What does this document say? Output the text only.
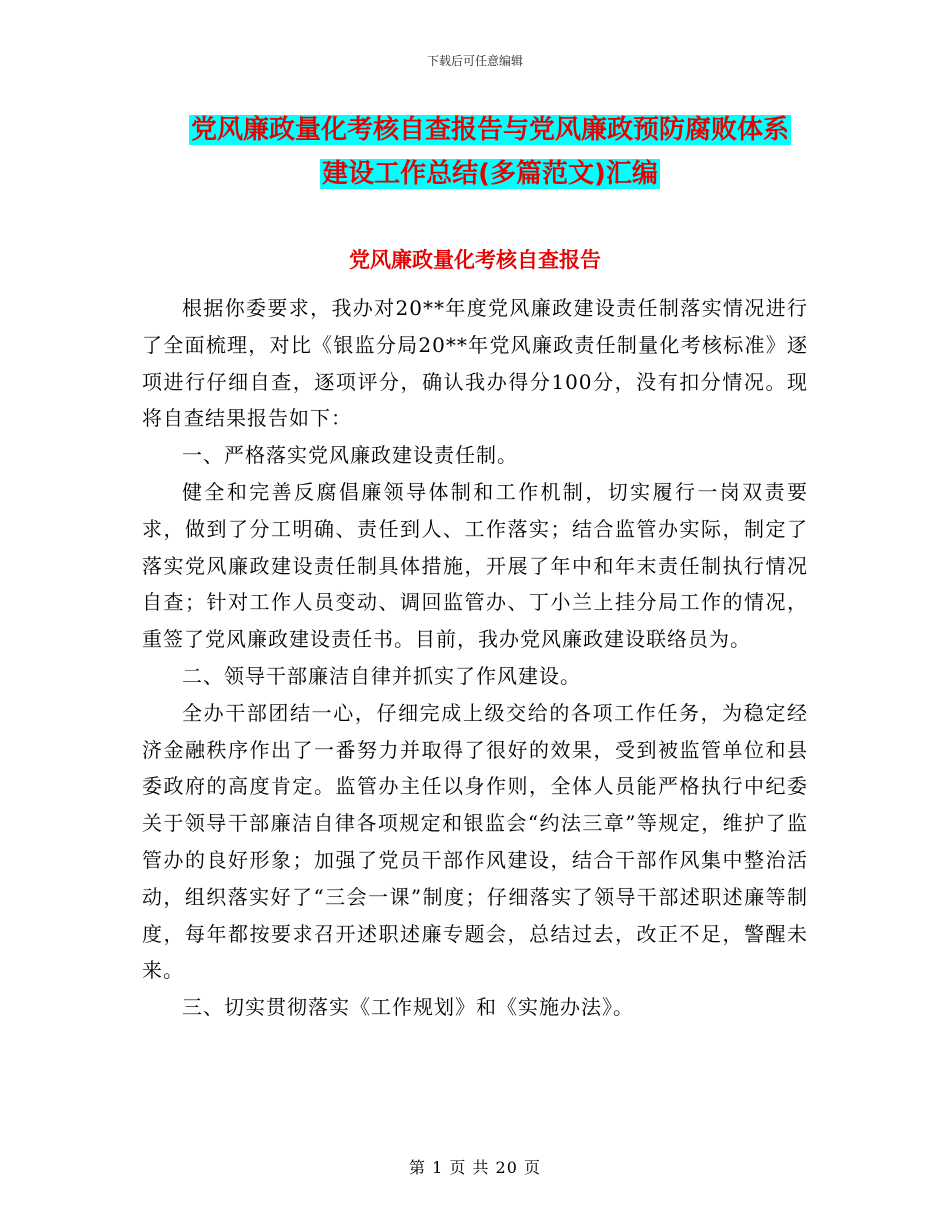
下载后可任意编辑
党风廉政量化考核自查报告与党风廉政预防腐败体系
建设工作总结(多篇范文)汇编
党风廉政量化考核自查报告

根据你委要求，我办对20**年度党风廉政建设责任制落实情况进行了全面梳理，对比《银监分局20**年党风廉政责任制量化考核标准》逐项进行仔细自查，逐项评分，确认我办得分100分，没有扣分情况。现将自查结果报告如下：

一、严格落实党风廉政建设责任制。

健全和完善反腐倡廉领导体制和工作机制，切实履行一岗双责要求，做到了分工明确、责任到人、工作落实；结合监管办实际，制定了落实党风廉政建设责任制具体措施，开展了年中和年末责任制执行情况自查；针对工作人员变动、调回监管办、丁小兰上挂分局工作的情况，重签了党风廉政建设责任书。目前，我办党风廉政建设联络员为。

二、领导干部廉洁自律并抓实了作风建设。

全办干部团结一心，仔细完成上级交给的各项工作任务，为稳定经济金融秩序作出了一番努力并取得了很好的效果，受到被监管单位和县委政府的高度肯定。监管办主任以身作则，全体人员能严格执行中纪委关于领导干部廉洁自律各项规定和银监会“约法三章”等规定，维护了监管办的良好形象；加强了党员干部作风建设，结合干部作风集中整治活动，组织落实好了“三会一课”制度；仔细落实了领导干部述职述廉等制度，每年都按要求召开述职述廉专题会，总结过去，改正不足，警醒未来。

三、切实贯彻落实《工作规划》和《实施办法》。

第 1 页 共 20 页
